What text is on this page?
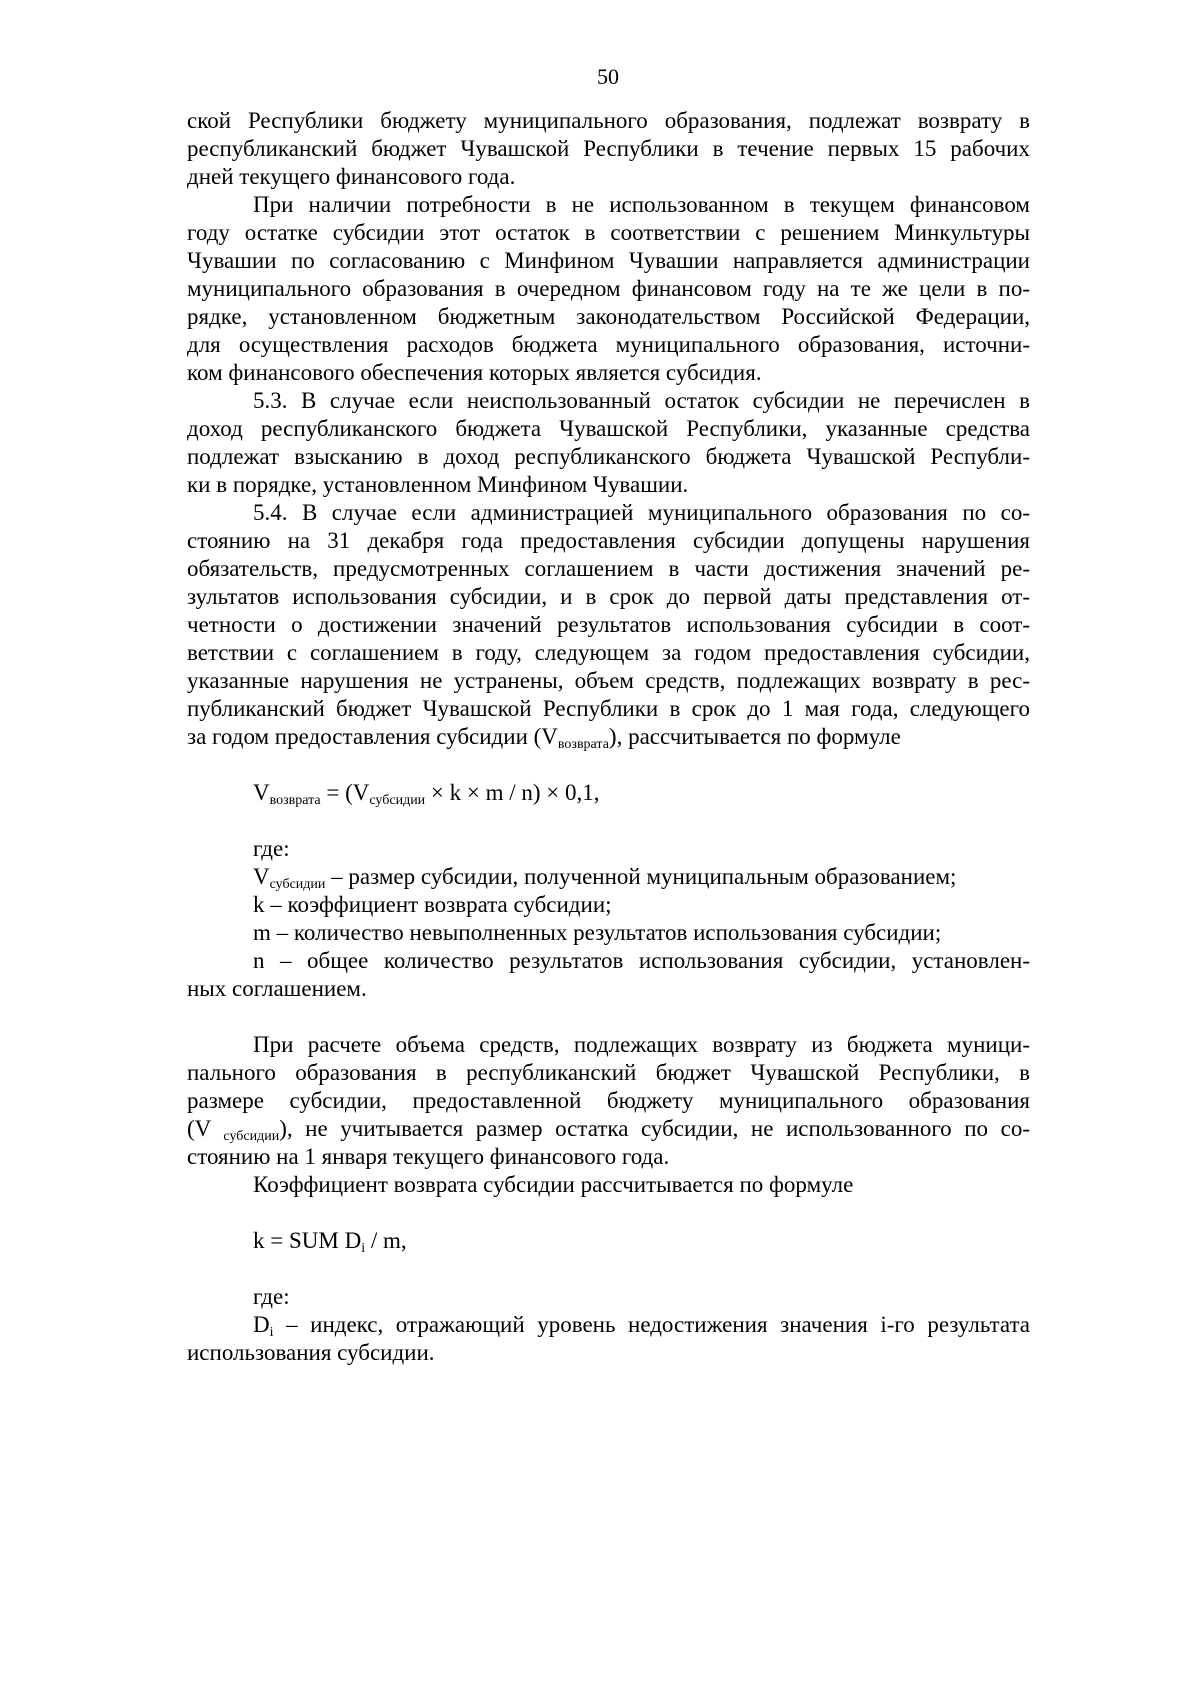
50
ской Республики бюджету муниципального образования, подлежат возврату в
республиканский бюджет Чувашской Республики в течение первых 15 рабочих
дней текущего финансового года.
При наличии потребности в не использованном в текущем финансовом
году остатке субсидии этот остаток в соответствии с решением Минкультуры
Чувашии по согласованию с Минфином Чувашии направляется администрации
муниципального образования в очередном финансовом году на те же цели в по-
рядке, установленном бюджетным законодательством Российской Федерации,
для осуществления расходов бюджета муниципального образования, источни-
ком финансового обеспечения которых является субсидия.
5.3. В случае если неиспользованный остаток субсидии не перечислен в
доход республиканского бюджета Чувашской Республики, указанные средства
подлежат взысканию в доход республиканского бюджета Чувашской Республи-
ки в порядке, установленном Минфином Чувашии.
5.4. В случае если администрацией муниципального образования по со-
стоянию на 31 декабря года предоставления субсидии допущены нарушения
обязательств, предусмотренных соглашением в части достижения значений ре-
зультатов использования субсидии, и в срок до первой даты представления от-
четности о достижении значений результатов использования субсидии в соот-
ветствии с соглашением в году, следующем за годом предоставления субсидии,
указанные нарушения не устранены, объем средств, подлежащих возврату в рес-
публиканский бюджет Чувашской Республики в срок до 1 мая года, следующего
за годом предоставления субсидии $(V_{возврата})$, рассчитывается по формуле
$V_{возврата} = (V_{субсидии} \times k \times m / n) \times 0,1$,
где:
$V_{субсидии}$ – размер субсидии, полученной муниципальным образованием;
k – коэффициент возврата субсидии;
m – количество невыполненных результатов использования субсидии;
n – общее количество результатов использования субсидии, установлен-
ных соглашением.
При расчете объема средств, подлежащих возврату из бюджета муници-
пального образования в республиканский бюджет Чувашской Республики, в
размере субсидии, предоставленной бюджету муниципального образования
(V $_{субсидии}$), не учитывается размер остатка субсидии, не использованного по со-
стоянию на 1 января текущего финансового года.
Коэффициент возврата субсидии рассчитывается по формуле
k = SUM $D_i$ / m,
где:
$D_i$ – индекс, отражающий уровень недостижения значения i-го результата
использования субсидии.
